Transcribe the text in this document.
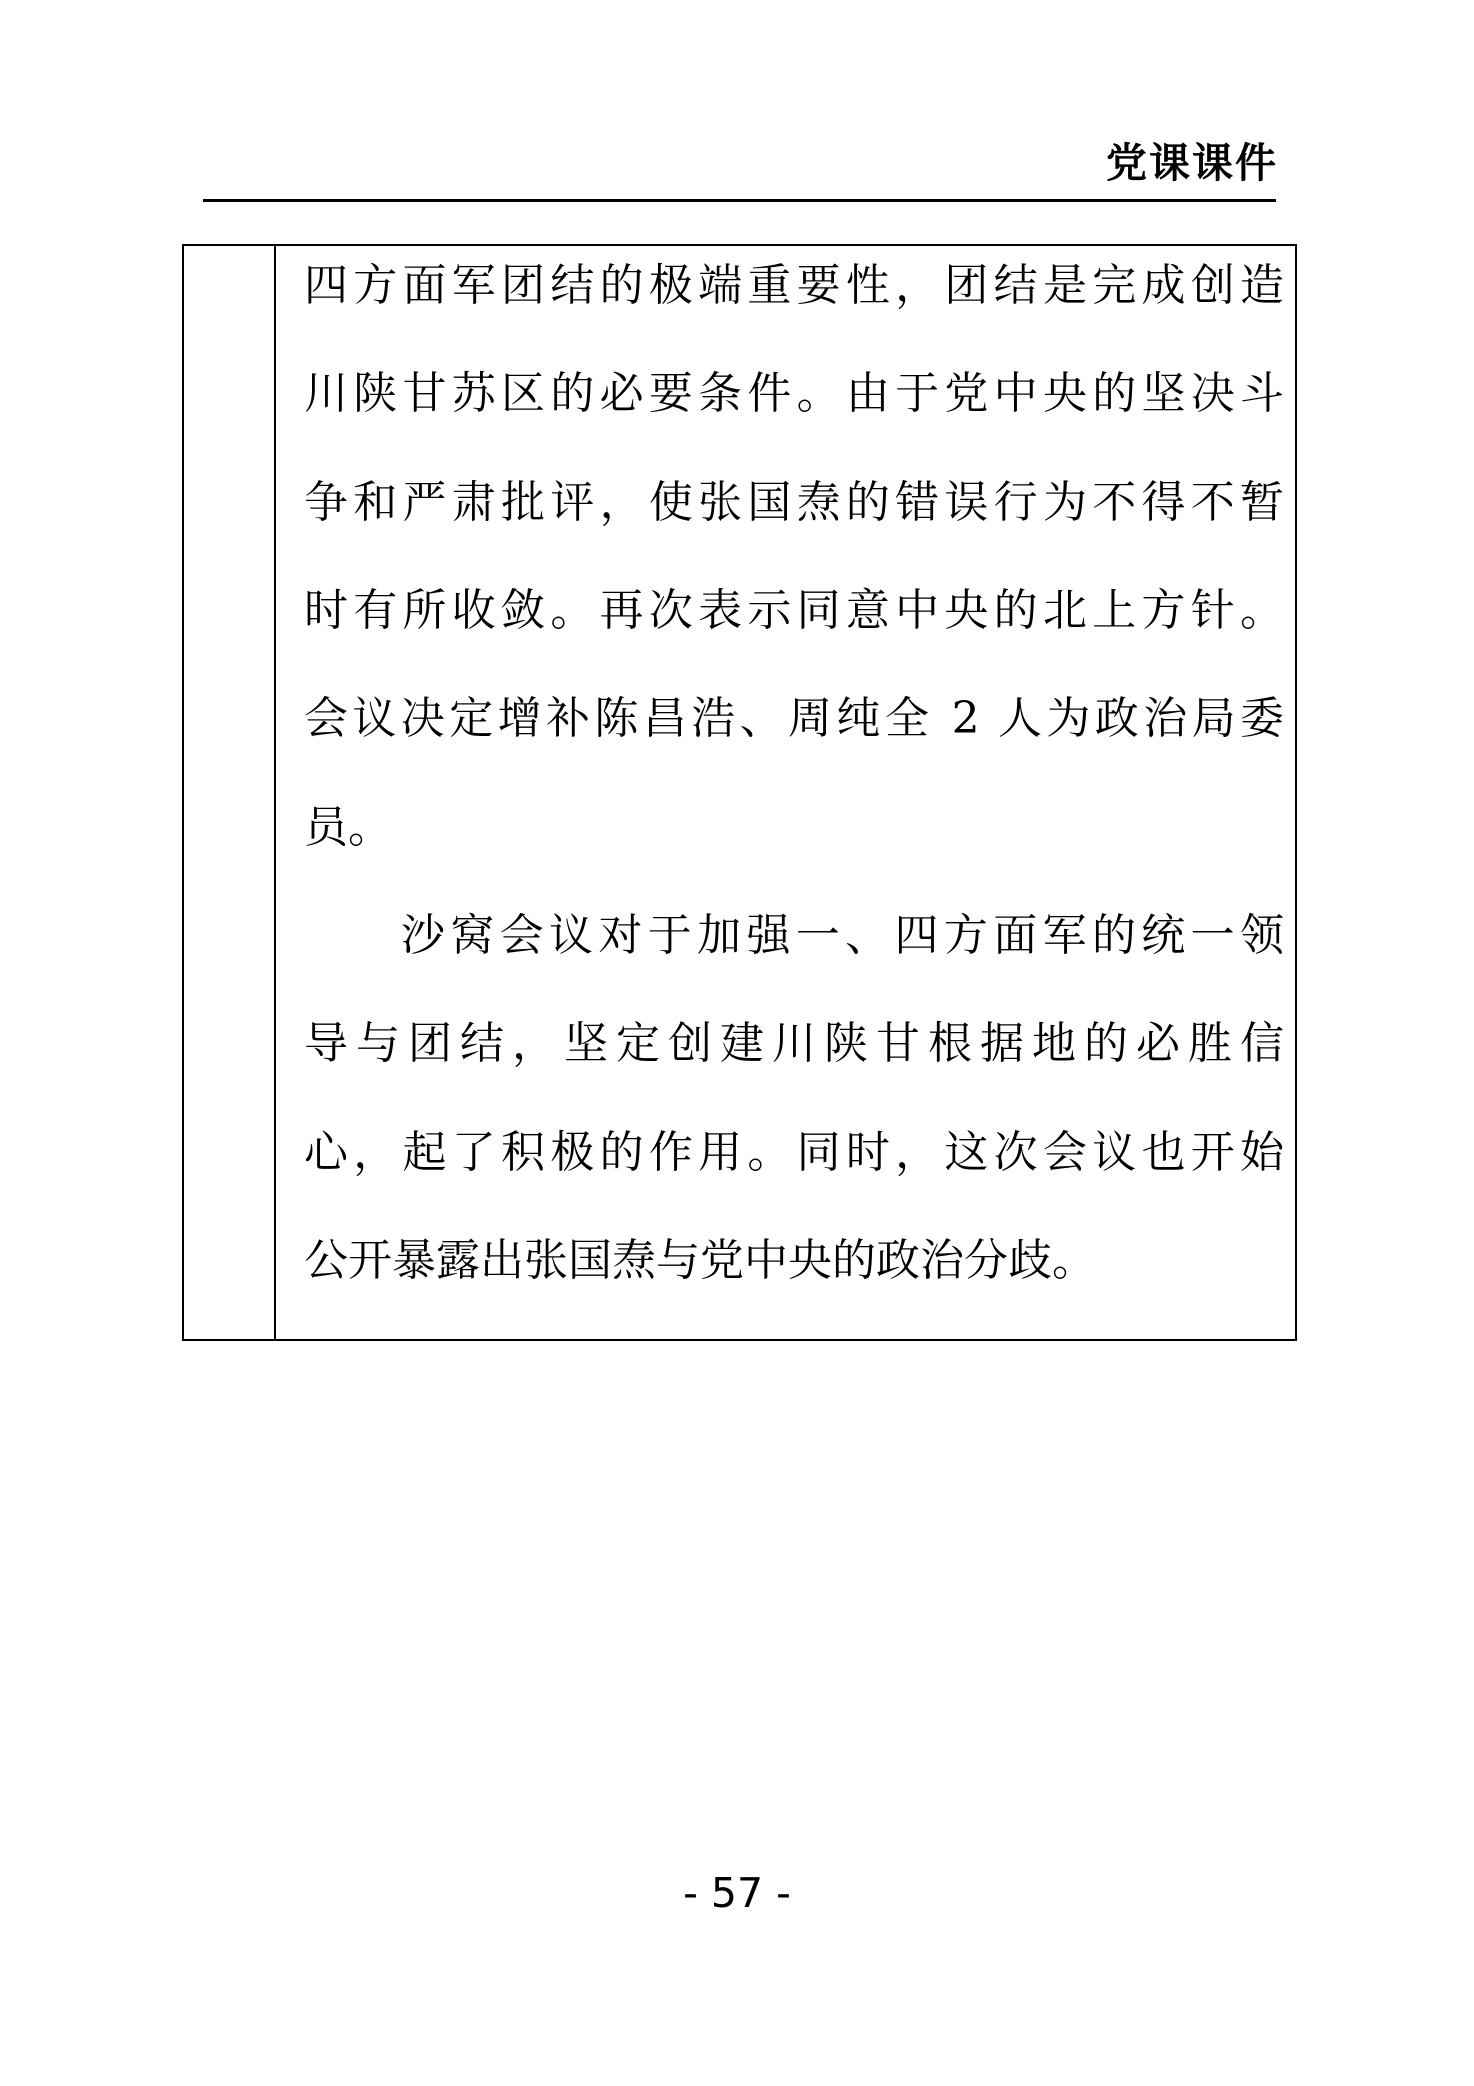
党课课件
四方面军团结的极端重要性，团结是完成创造
川陕甘苏区的必要条件。由于党中央的坚决斗
争和严肃批评，使张国焘的错误行为不得不暂
时有所收敛。再次表示同意中央的北上方针。
会议决定增补陈昌浩、周纯全 2 人为政治局委
员。
沙窝会议对于加强一、四方面军的统一领
导与团结，坚定创建川陕甘根据地的必胜信
心，起了积极的作用。同时，这次会议也开始
公开暴露出张国焘与党中央的政治分歧。
- 57 -
